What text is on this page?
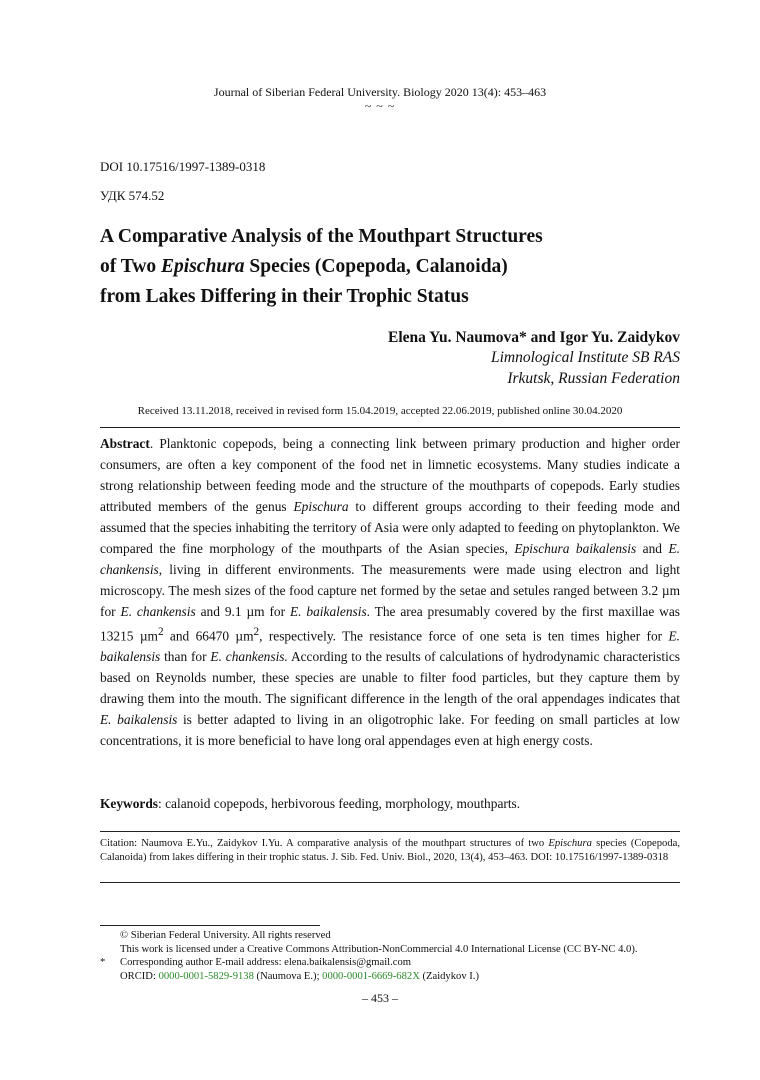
Journal of Siberian Federal University. Biology 2020 13(4): 453–463
~ ~ ~
DOI 10.17516/1997-1389-0318
УДК 574.52
A Comparative Analysis of the Mouthpart Structures
of Two Epischura Species (Copepoda, Calanoida)
from Lakes Differing in their Trophic Status
Elena Yu. Naumova* and Igor Yu. Zaidykov
Limnological Institute SB RAS
Irkutsk, Russian Federation
Received 13.11.2018, received in revised form 15.04.2019, accepted 22.06.2019, published online 30.04.2020
Abstract. Planktonic copepods, being a connecting link between primary production and higher order consumers, are often a key component of the food net in limnetic ecosystems. Many studies indicate a strong relationship between feeding mode and the structure of the mouthparts of copepods. Early studies attributed members of the genus Epischura to different groups according to their feeding mode and assumed that the species inhabiting the territory of Asia were only adapted to feeding on phytoplankton. We compared the fine morphology of the mouthparts of the Asian species, Epischura baikalensis and E. chankensis, living in different environments. The measurements were made using electron and light microscopy. The mesh sizes of the food capture net formed by the setae and setules ranged between 3.2 µm for E. chankensis and 9.1 µm for E. baikalensis. The area presumably covered by the first maxillae was 13215 µm$^2$ and 66470 µm$^2$, respectively. The resistance force of one seta is ten times higher for E. baikalensis than for E. chankensis. According to the results of calculations of hydrodynamic characteristics based on Reynolds number, these species are unable to filter food particles, but they capture them by drawing them into the mouth. The significant difference in the length of the oral appendages indicates that E. baikalensis is better adapted to living in an oligotrophic lake. For feeding on small particles at low concentrations, it is more beneficial to have long oral appendages even at high energy costs.
Keywords: calanoid copepods, herbivorous feeding, morphology, mouthparts.
Citation: Naumova E.Yu., Zaidykov I.Yu. A comparative analysis of the mouthpart structures of two Epischura species (Copepoda, Calanoida) from lakes differing in their trophic status. J. Sib. Fed. Univ. Biol., 2020, 13(4), 453–463. DOI: 10.17516/1997-1389-0318
© Siberian Federal University. All rights reserved
This work is licensed under a Creative Commons Attribution-NonCommercial 4.0 International License (CC BY-NC 4.0).
*	Corresponding author E-mail address: elena.baikalensis@gmail.com
ORCID: 0000-0001-5829-9138 (Naumova E.); 0000-0001-6669-682X (Zaidykov I.)
– 453 –
